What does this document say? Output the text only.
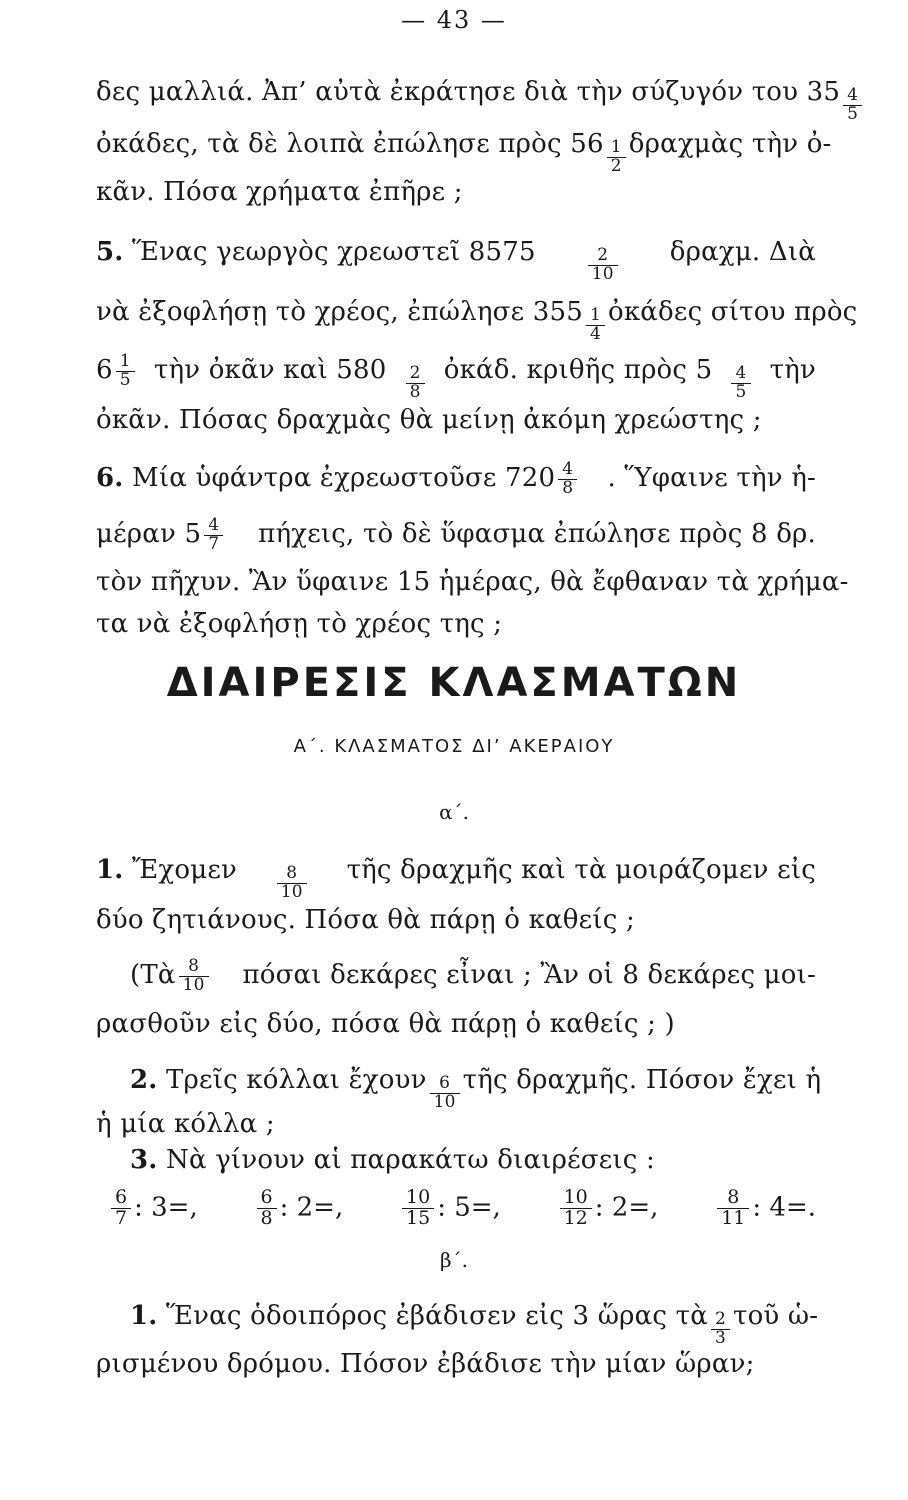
— 43 —
δες μαλλιά. Ἀπ’ αὐτὰ ἐκράτησε διὰ τὴν σύζυγόν του $35 \frac{4}{5}$
ὀκάδες, τὰ δὲ λοιπὰ ἐπώλησε πρὸς $56 \frac{1}{2}$ δραχμὰς τὴν ὀ-
κᾶν. Πόσα χρήματα ἐπῆρε ;
5. Ἕνας γεωργὸς χρεωστεῖ 8575	$\frac{2}{10} \delta\rho\alpha\chi\mu$. Διὰ
νὰ ἐξοφλήσῃ τὸ χρέος, ἐπώλησε $355 \frac{1}{4}$ ὀκάδες σίτου πρὸς
$6 \frac{1}{5}$ τὴν ὀκᾶν καὶ $580 \frac{2}{8}$ ὀκάδ. κριθῆς πρὸς $5 \frac{4}{5}$ τὴν
ὀκᾶν. Πόσας δραχμὰς θὰ μείνῃ ἀκόμη χρεώστης ;
6. Μία ὑφάντρα ἐχρεωστοῦσε $720 \frac{4}{8}$ . Ὕφαινε τὴν ἡ-
μέραν $5 \frac{4}{7} \pi ή\chi\varepsilon\iota\varsigma$, τὸ δὲ ὕφασμα ἐπώλησε πρὸς 8 δρ.
τὸν πῆχυν. Ἂν ὕφαινε 15 ἡμέρας, θὰ ἔφθαναν τὰ χρήμα-
τα νὰ ἐξοφλήσῃ τὸ χρέος της ;
ΔΙΑΙΡΕΣΙΣ ΚΛΑΣΜΑΤΩΝ
Α΄. ΚΛΑΣΜΑΤΟΣ ΔΙ’ ΑΚΕΡΑΙΟΥ
α΄.
1. Ἔχομεν $\frac{8}{10}$ τῆς δραχμῆς καὶ τὰ μοιράζομεν εἰς
δύο ζητιάνους. Πόσα θὰ πάρῃ ὁ καθείς ;
(Τὰ $\frac{8}{10}$ πόσαι δεκάρες εἶναι ; Ἂν οἱ 8 δεκάρες μοι-
ρασθοῦν εἰς δύο, πόσα θὰ πάρῃ ὁ καθείς ; )
2. Τρεῖς κόλλαι ἔχουν $\frac{6}{10}$ τῆς δραχμῆς. Πόσον ἔχει ἡ
ἡ μία κόλλα ;
3. Νὰ γίνουν αἱ παρακάτω διαιρέσεις :
$\frac{6}{7}$ : 3=,	$\frac{6}{8}$ : 2=,	$\frac{10}{15}$ : 5=,	$\frac{10}{12}$ : 2=,	$\frac{8}{11}$ : 4=.
β΄.
1. Ἕνας ὁδοιπόρος ἐβάδισεν εἰς 3 ὥρας τὰ $\frac{2}{3}$ τοῦ ὡ-
ρισμένου δρόμου. Πόσον ἐβάδισε τὴν μίαν ὥραν;
